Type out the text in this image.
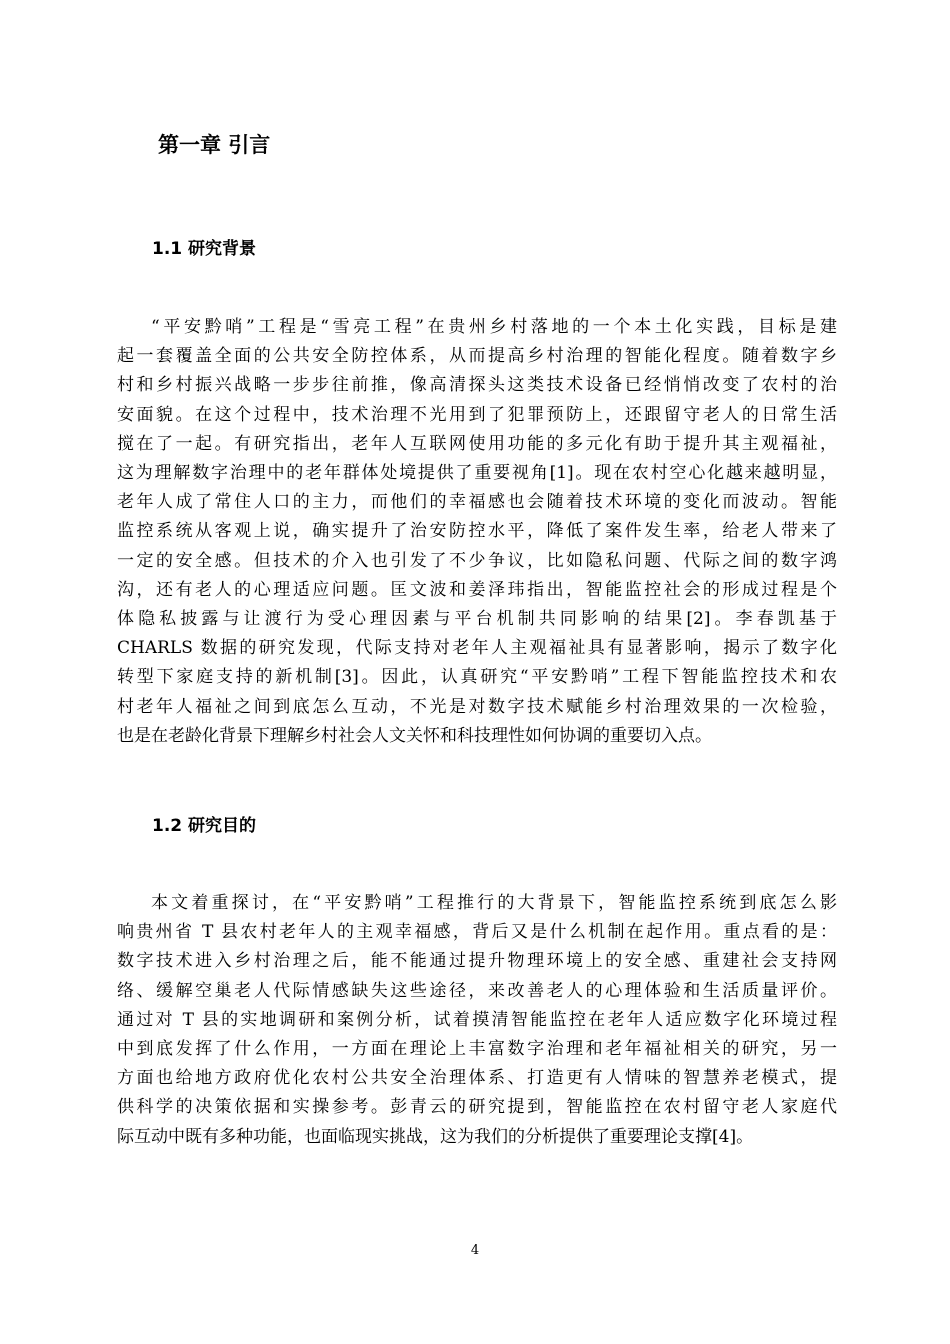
第一章 引言
1.1 研究背景
“平安黔哨”工程是“雪亮工程”在贵州乡村落地的一个本土化实践，目标是建
起一套覆盖全面的公共安全防控体系，从而提高乡村治理的智能化程度。随着数字乡
村和乡村振兴战略一步步往前推，像高清探头这类技术设备已经悄悄改变了农村的治
安面貌。在这个过程中，技术治理不光用到了犯罪预防上，还跟留守老人的日常生活
搅在了一起。有研究指出，老年人互联网使用功能的多元化有助于提升其主观福祉，
这为理解数字治理中的老年群体处境提供了重要视角[1]。现在农村空心化越来越明显，
老年人成了常住人口的主力，而他们的幸福感也会随着技术环境的变化而波动。智能
监控系统从客观上说，确实提升了治安防控水平，降低了案件发生率，给老人带来了
一定的安全感。但技术的介入也引发了不少争议，比如隐私问题、代际之间的数字鸿
沟，还有老人的心理适应问题。匡文波和姜泽玮指出，智能监控社会的形成过程是个
体隐私披露与让渡行为受心理因素与平台机制共同影响的结果[2]。李春凯基于
CHARLS 数据的研究发现，代际支持对老年人主观福祉具有显著影响，揭示了数字化
转型下家庭支持的新机制[3]。因此，认真研究“平安黔哨”工程下智能监控技术和农
村老年人福祉之间到底怎么互动，不光是对数字技术赋能乡村治理效果的一次检验，
也是在老龄化背景下理解乡村社会人文关怀和科技理性如何协调的重要切入点。
1.2 研究目的
本文着重探讨，在“平安黔哨”工程推行的大背景下，智能监控系统到底怎么影
响贵州省 T 县农村老年人的主观幸福感，背后又是什么机制在起作用。重点看的是：
数字技术进入乡村治理之后，能不能通过提升物理环境上的安全感、重建社会支持网
络、缓解空巢老人代际情感缺失这些途径，来改善老人的心理体验和生活质量评价。
通过对 T 县的实地调研和案例分析，试着摸清智能监控在老年人适应数字化环境过程
中到底发挥了什么作用，一方面在理论上丰富数字治理和老年福祉相关的研究，另一
方面也给地方政府优化农村公共安全治理体系、打造更有人情味的智慧养老模式，提
供科学的决策依据和实操参考。彭青云的研究提到，智能监控在农村留守老人家庭代
际互动中既有多种功能，也面临现实挑战，这为我们的分析提供了重要理论支撑[4]。
4
